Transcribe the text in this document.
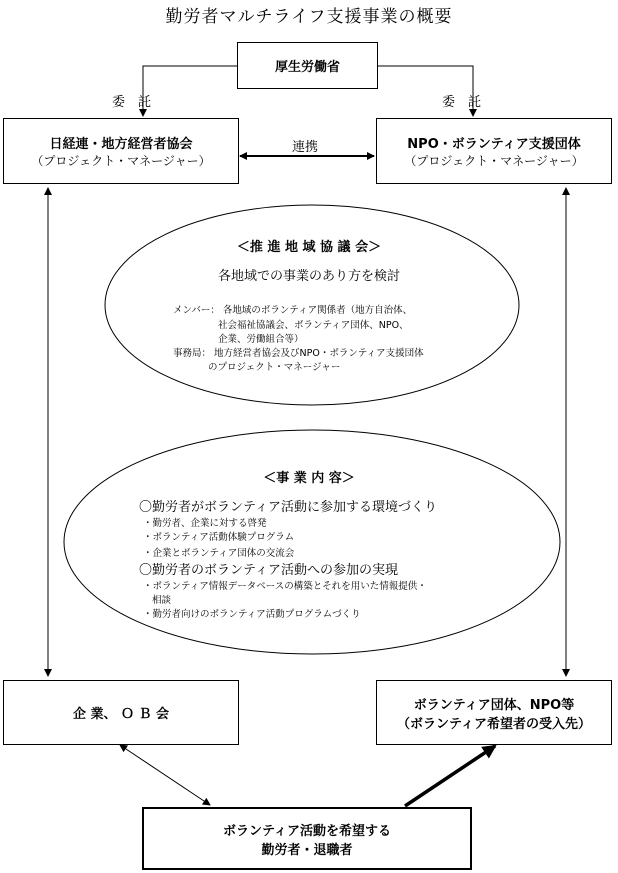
勤労者マルチライフ支援事業の概要
厚生労働省
委　託	委　託
日経連・地方経営者協会
（プロジェクト・マネージャー）
連携	NPO・ボランティア支援団体
（プロジェクト・マネージャー）
＜推 進 地 域 協 議 会＞
各地域での事業のあり方を検討
メンバー： 各地域のボランティア関係者（地方自治体、
社会福祉協議会、ボランティア団体、NPO、
企業、労働組合等）
事務局： 地方経営者協会及びNPO・ボランティア支援団体
のプロジェクト・マネージャー
＜事 業 内 容＞
〇勤労者がボランティア活動に参加する環境づくり
・勤労者、企業に対する啓発
・ボランティア活動体験プログラム
・企業とボランティア団体の交流会
〇勤労者のボランティア活動への参加の実現
・ボランティア情報データベースの構築とそれを用いた情報提供・
相談
・勤労者向けのボランティア活動プログラムづくり
企 業、 Ｏ Ｂ 会
ボランティア団体、NPO等
（ボランティア希望者の受入先）
ボランティア活動を希望する
勤労者・退職者
